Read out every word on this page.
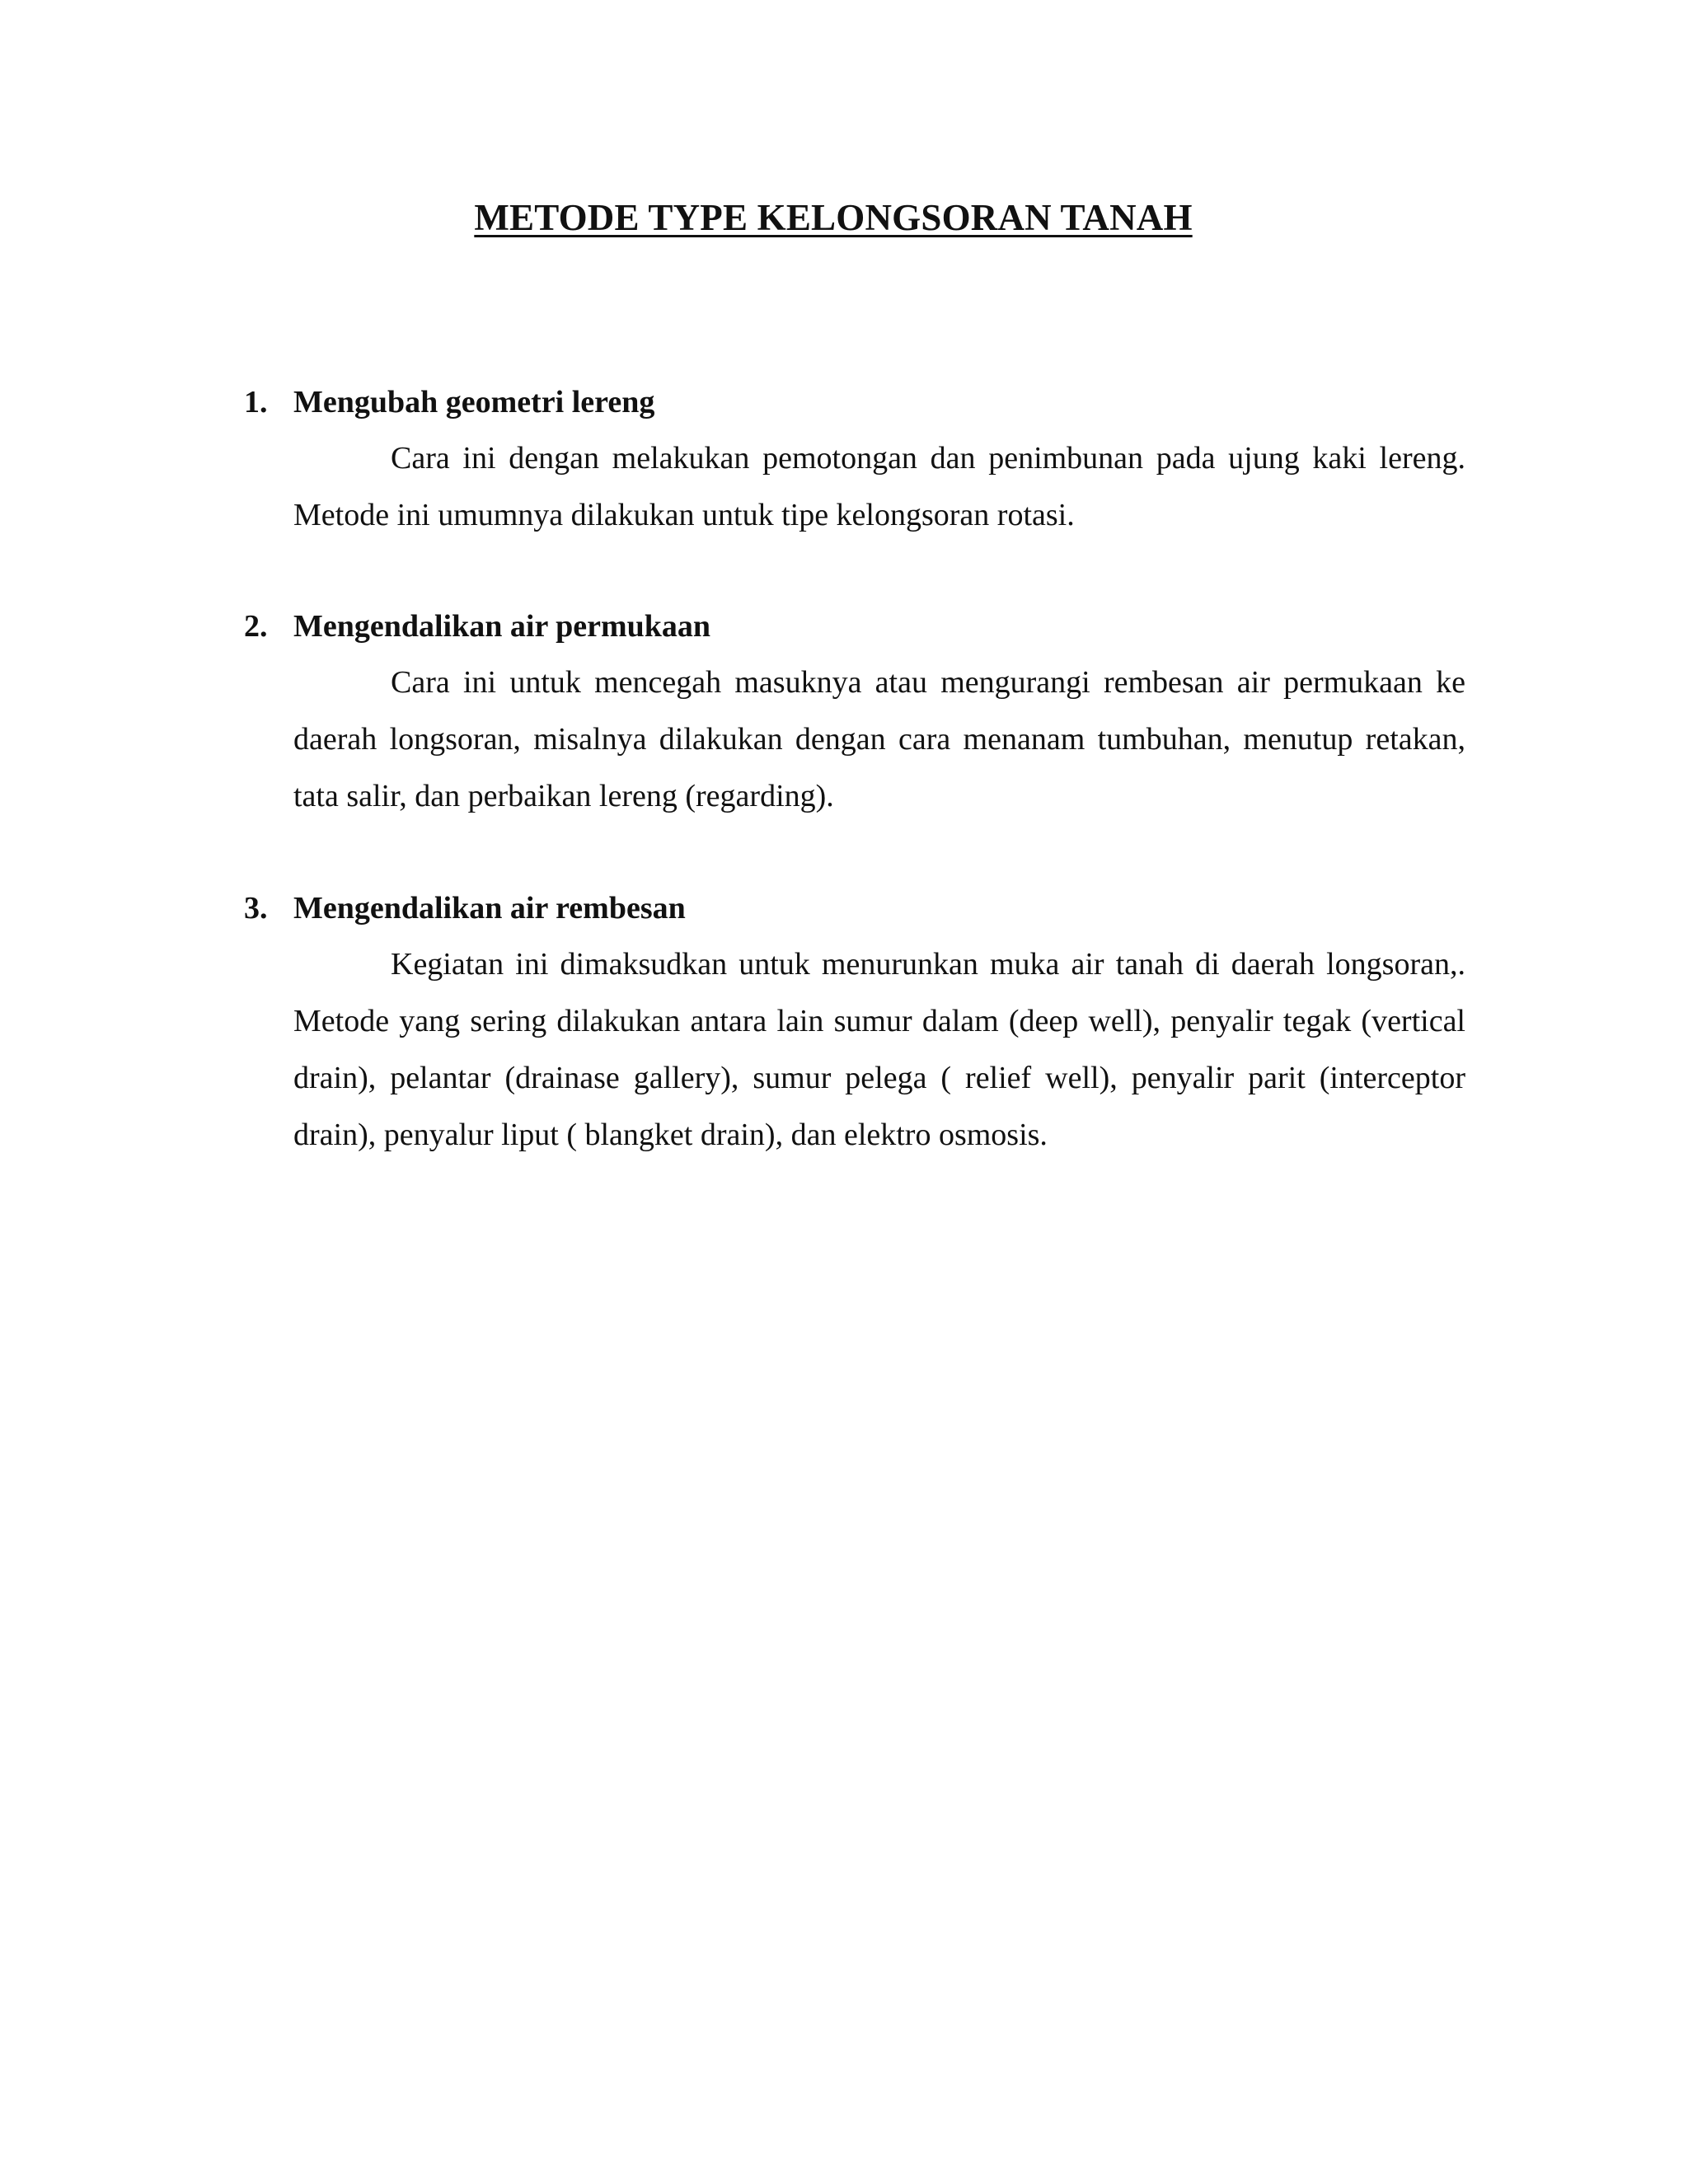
METODE TYPE KELONGSORAN TANAH
1. Mengubah geometri lereng

Cara ini dengan melakukan pemotongan dan penimbunan pada ujung kaki lereng. Metode ini umumnya dilakukan untuk tipe kelongsoran rotasi.

2. Mengendalikan air permukaan

Cara ini untuk mencegah masuknya atau mengurangi rembesan air permukaan ke daerah longsoran, misalnya dilakukan dengan cara menanam tumbuhan, menutup retakan, tata salir, dan perbaikan lereng (regarding).

3. Mengendalikan air rembesan

Kegiatan ini dimaksudkan untuk menurunkan muka air tanah di daerah longsoran,. Metode yang sering dilakukan antara lain sumur dalam (deep well), penyalir tegak (vertical drain), pelantar (drainase gallery), sumur pelega ( relief well), penyalir parit (interceptor drain), penyalur liput ( blangket drain), dan elektro osmosis.
